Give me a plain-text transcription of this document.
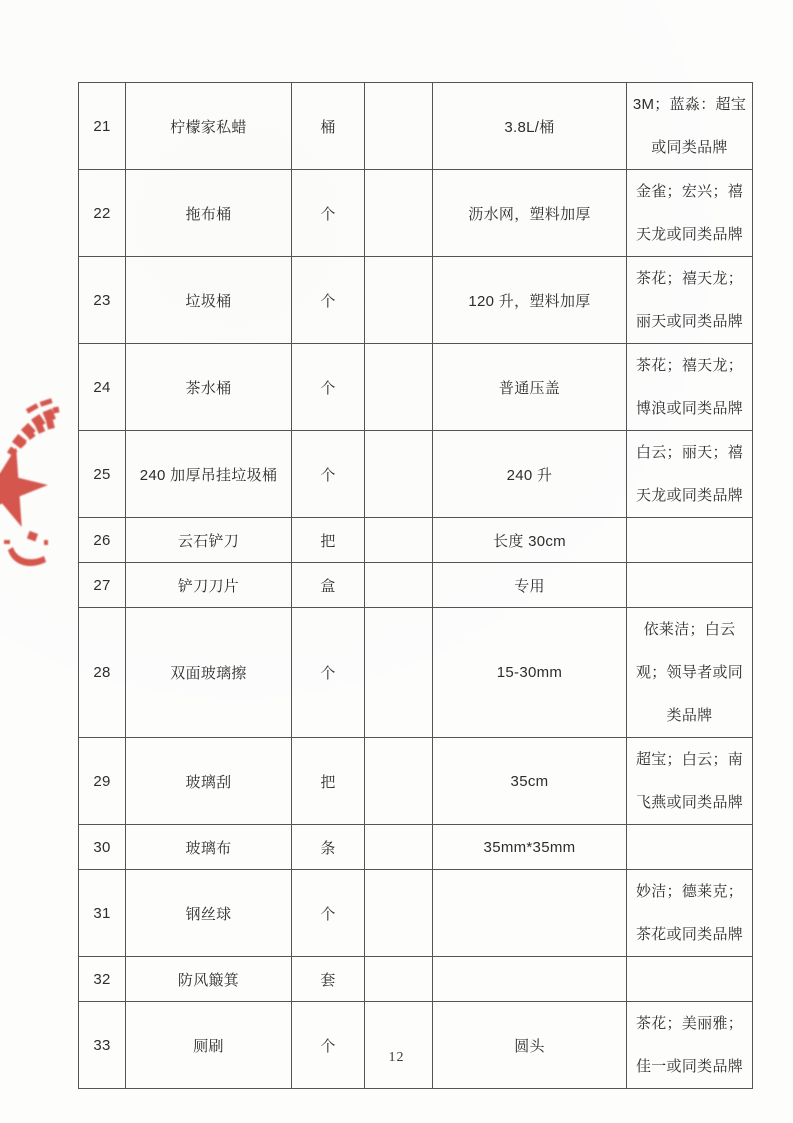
21	柠檬家私蜡	桶		3.8L/桶	3M；蓝淼：超宝或同类品牌
22	拖布桶	个		沥水网，塑料加厚	金雀；宏兴；禧天龙或同类品牌
23	垃圾桶	个		120 升，塑料加厚	茶花；禧天龙；丽天或同类品牌
24	茶水桶	个		普通压盖	茶花；禧天龙；博浪或同类品牌
25	240 加厚吊挂垃圾桶	个		240 升	白云；丽天；禧天龙或同类品牌
26	云石铲刀	把		长度 30cm	
27	铲刀刀片	盒		专用	
28	双面玻璃擦	个		15-30mm	依莱洁；白云观；领导者或同类品牌
29	玻璃刮	把		35cm	超宝；白云；南飞燕或同类品牌
30	玻璃布	条		35mm*35mm	
31	钢丝球	个			妙洁；德莱克；茶花或同类品牌
32	防风簸箕	套			
33	厕刷	个		圆头	茶花；美丽雅；佳一或同类品牌
12
